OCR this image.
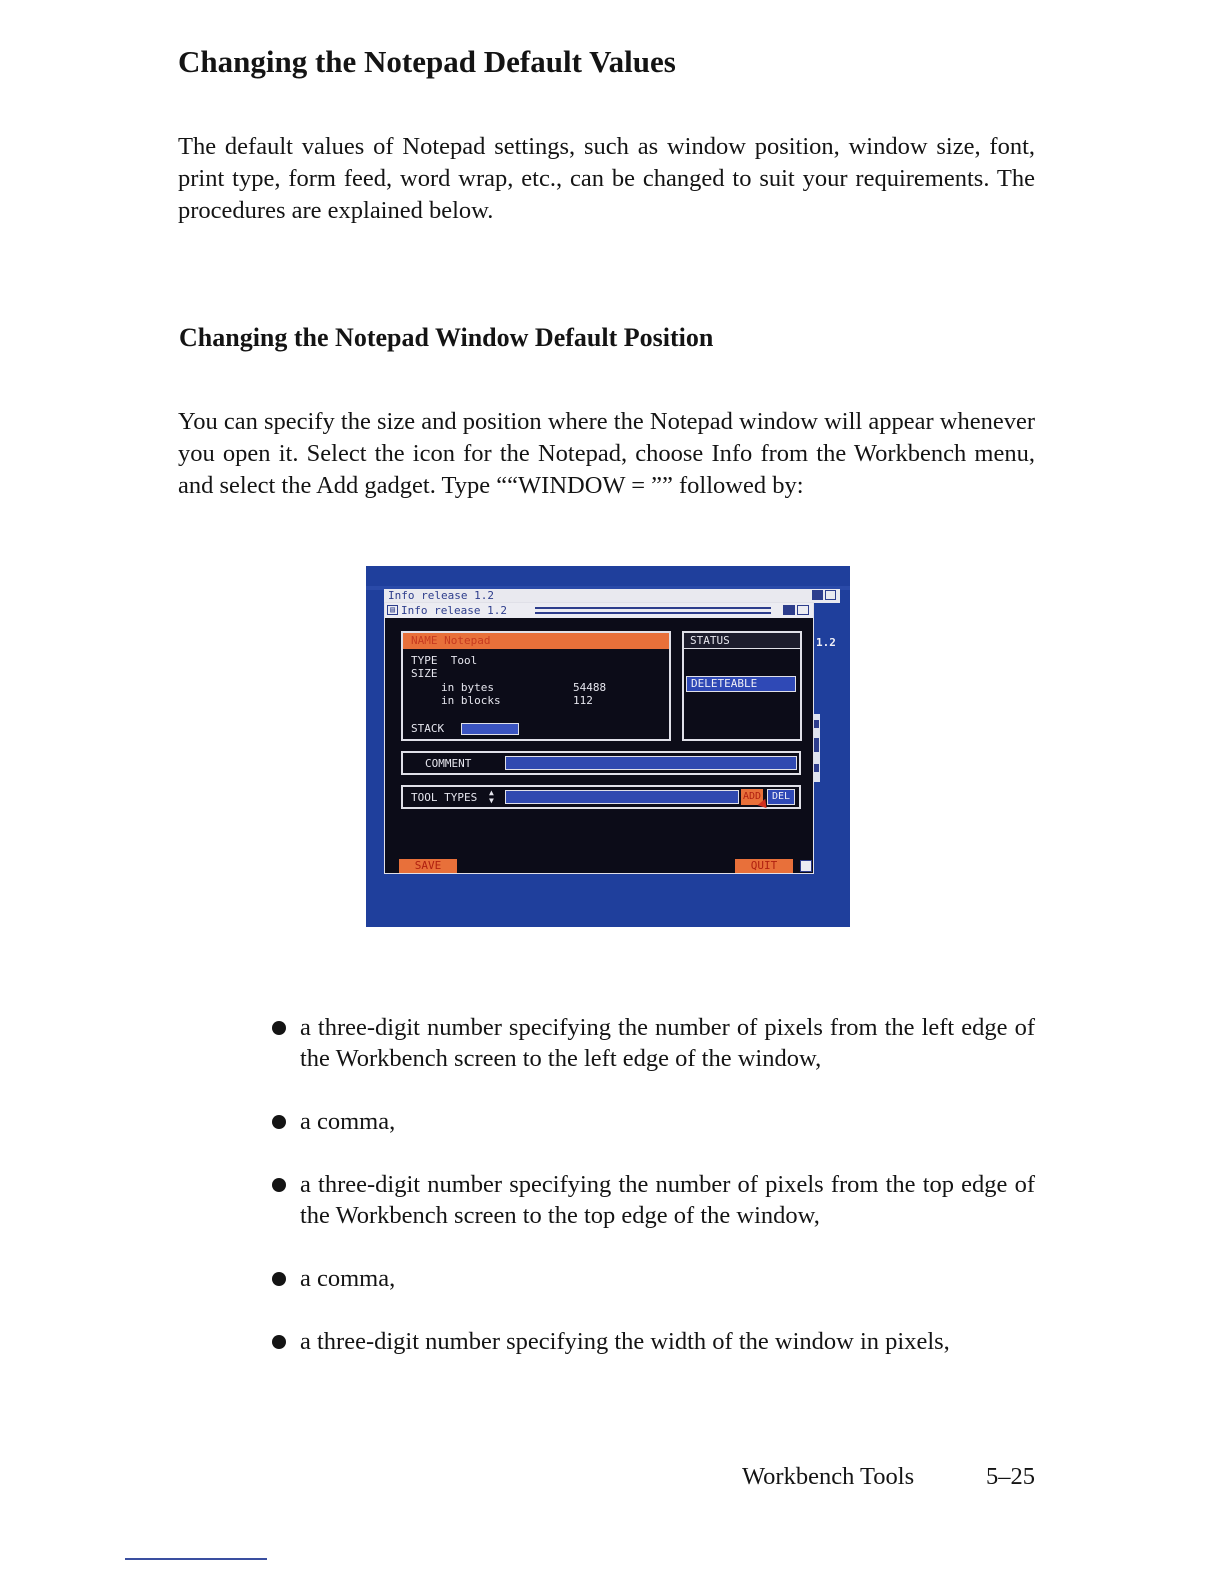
Changing the Notepad Default Values

The default values of Notepad settings, such as window position, window size, font, print type, form feed, word wrap, etc., can be changed to suit your requirements. The procedures are explained below.

Changing the Notepad Window Default Position

You can specify the size and position where the Notepad window will appear whenever you open it. Select the icon for the Notepad, choose Info from the Workbench menu, and select the Add gadget. Type ““WINDOW = ”” followed by:

Info release 1.2
1.2
▤ Info release 1.2
NAME Notepad
TYPE  Tool
SIZE
in bytes	54488
in blocks	112
STACK
STATUS
DELETEABLE
COMMENT
TOOL TYPES ▲
▼	ADD	DEL
SAVE	QUIT
a three-digit number specifying the number of pixels from the left edge of the Workbench screen to the left edge of the window,
a comma,
a three-digit number specifying the number of pixels from the top edge of the Workbench screen to the top edge of the window,
a comma,
a three-digit number specifying the width of the window in pixels,
Workbench Tools	5–25
